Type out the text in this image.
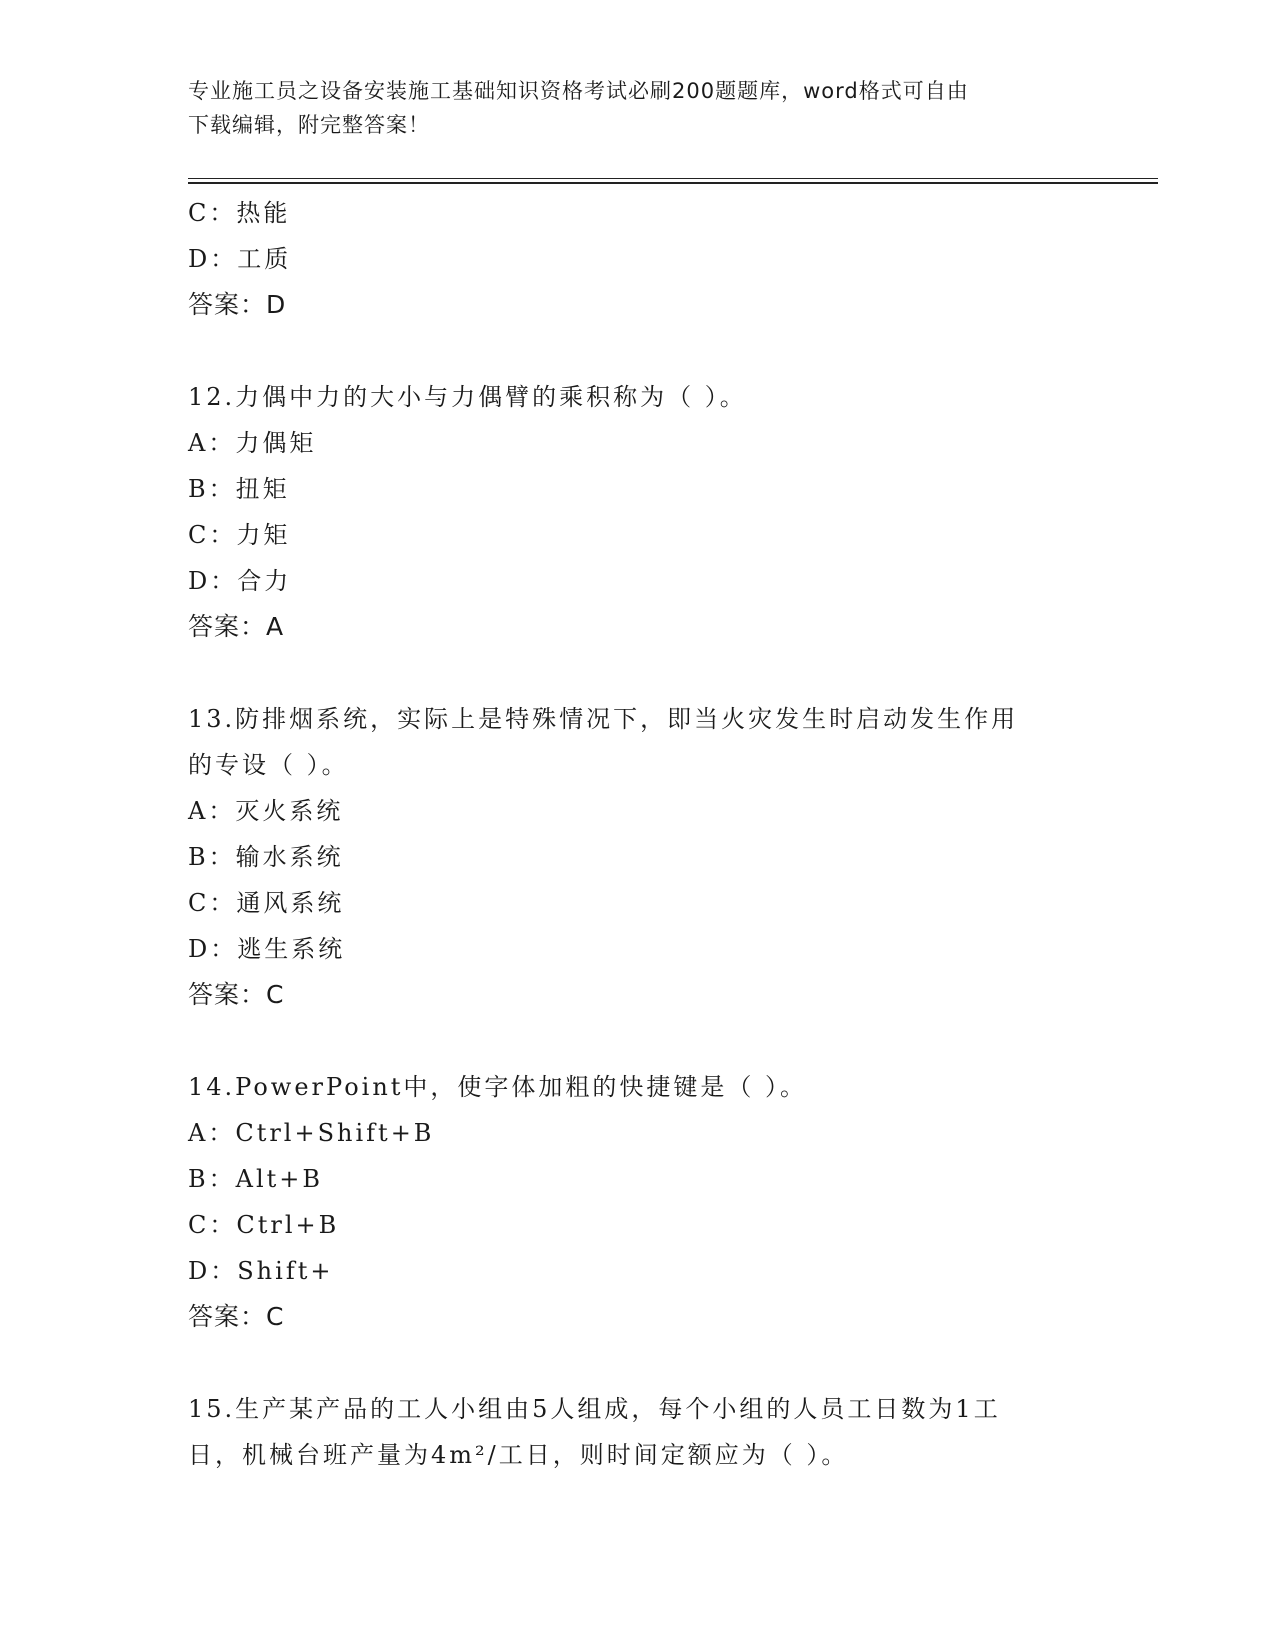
专业施工员之设备安装施工基础知识资格考试必刷200题题库，word格式可自由
下载编辑，附完整答案！
C：热能
D：工质
答案：D
12.力偶中力的大小与力偶臂的乘积称为（ ）。
A：力偶矩
B：扭矩
C：力矩
D：合力
答案：A
13.防排烟系统，实际上是特殊情况下，即当火灾发生时启动发生作用
的专设（ ）。
A：灭火系统
B：输水系统
C：通风系统
D：逃生系统
答案：C
14.PowerPoint中，使字体加粗的快捷键是（ ）。
A：Ctrl+Shift+B
B：Alt+B
C：Ctrl+B
D：Shift+
答案：C
15.生产某产品的工人小组由5人组成，每个小组的人员工日数为1工
日，机械台班产量为4m²/工日，则时间定额应为（ ）。
